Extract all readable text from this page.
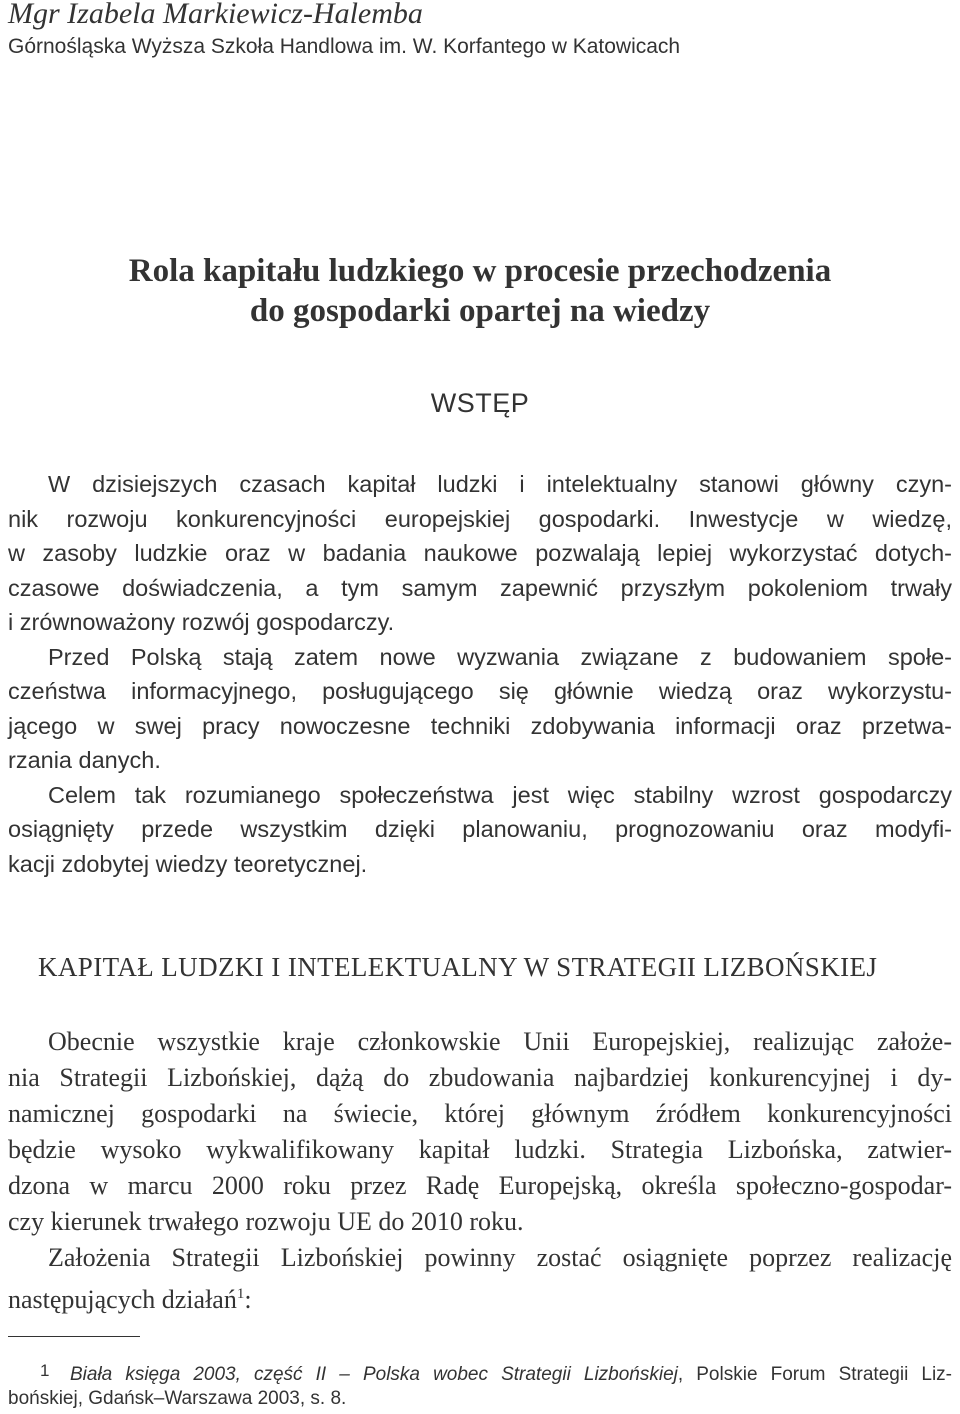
Mgr Izabela Markiewicz-Halemba
Górnośląska Wyższa Szkoła Handlowa im. W. Korfantego w Katowicach
Rola kapitału ludzkiego w procesie przechodzenia
do gospodarki opartej na wiedzy
WSTĘP
W dzisiejszych czasach kapitał ludzki i intelektualny stanowi główny czyn-
nik rozwoju konkurencyjności europejskiej gospodarki. Inwestycje w wiedzę,
w zasoby ludzkie oraz w badania naukowe pozwalają lepiej wykorzystać dotych-
czasowe doświadczenia, a tym samym zapewnić przyszłym pokoleniom trwały
i zrównoważony rozwój gospodarczy.
Przed Polską stają zatem nowe wyzwania związane z budowaniem społe-
czeństwa informacyjnego, posługującego się głównie wiedzą oraz wykorzystu-
jącego w swej pracy nowoczesne techniki zdobywania informacji oraz przetwa-
rzania danych.
Celem tak rozumianego społeczeństwa jest więc stabilny wzrost gospodarczy
osiągnięty przede wszystkim dzięki planowaniu, prognozowaniu oraz modyfi-
kacji zdobytej wiedzy teoretycznej.
KAPITAŁ LUDZKI I INTELEKTUALNY W STRATEGII LIZBOŃSKIEJ
Obecnie wszystkie kraje członkowskie Unii Europejskiej, realizując założe-
nia Strategii Lizbońskiej, dążą do zbudowania najbardziej konkurencyjnej i dy-
namicznej gospodarki na świecie, której głównym źródłem konkurencyjności
będzie wysoko wykwalifikowany kapitał ludzki. Strategia Lizbońska, zatwier-
dzona w marcu 2000 roku przez Radę Europejską, określa społeczno-gospodar-
czy kierunek trwałego rozwoju UE do 2010 roku.
Założenia Strategii Lizbońskiej powinny zostać osiągnięte poprzez realizację
następujących działań$^1$:
1 Biała księga 2003, część II – Polska wobec Strategii Lizbońskiej, Polskie Forum Strategii Liz-
bońskiej, Gdańsk–Warszawa 2003, s. 8.
